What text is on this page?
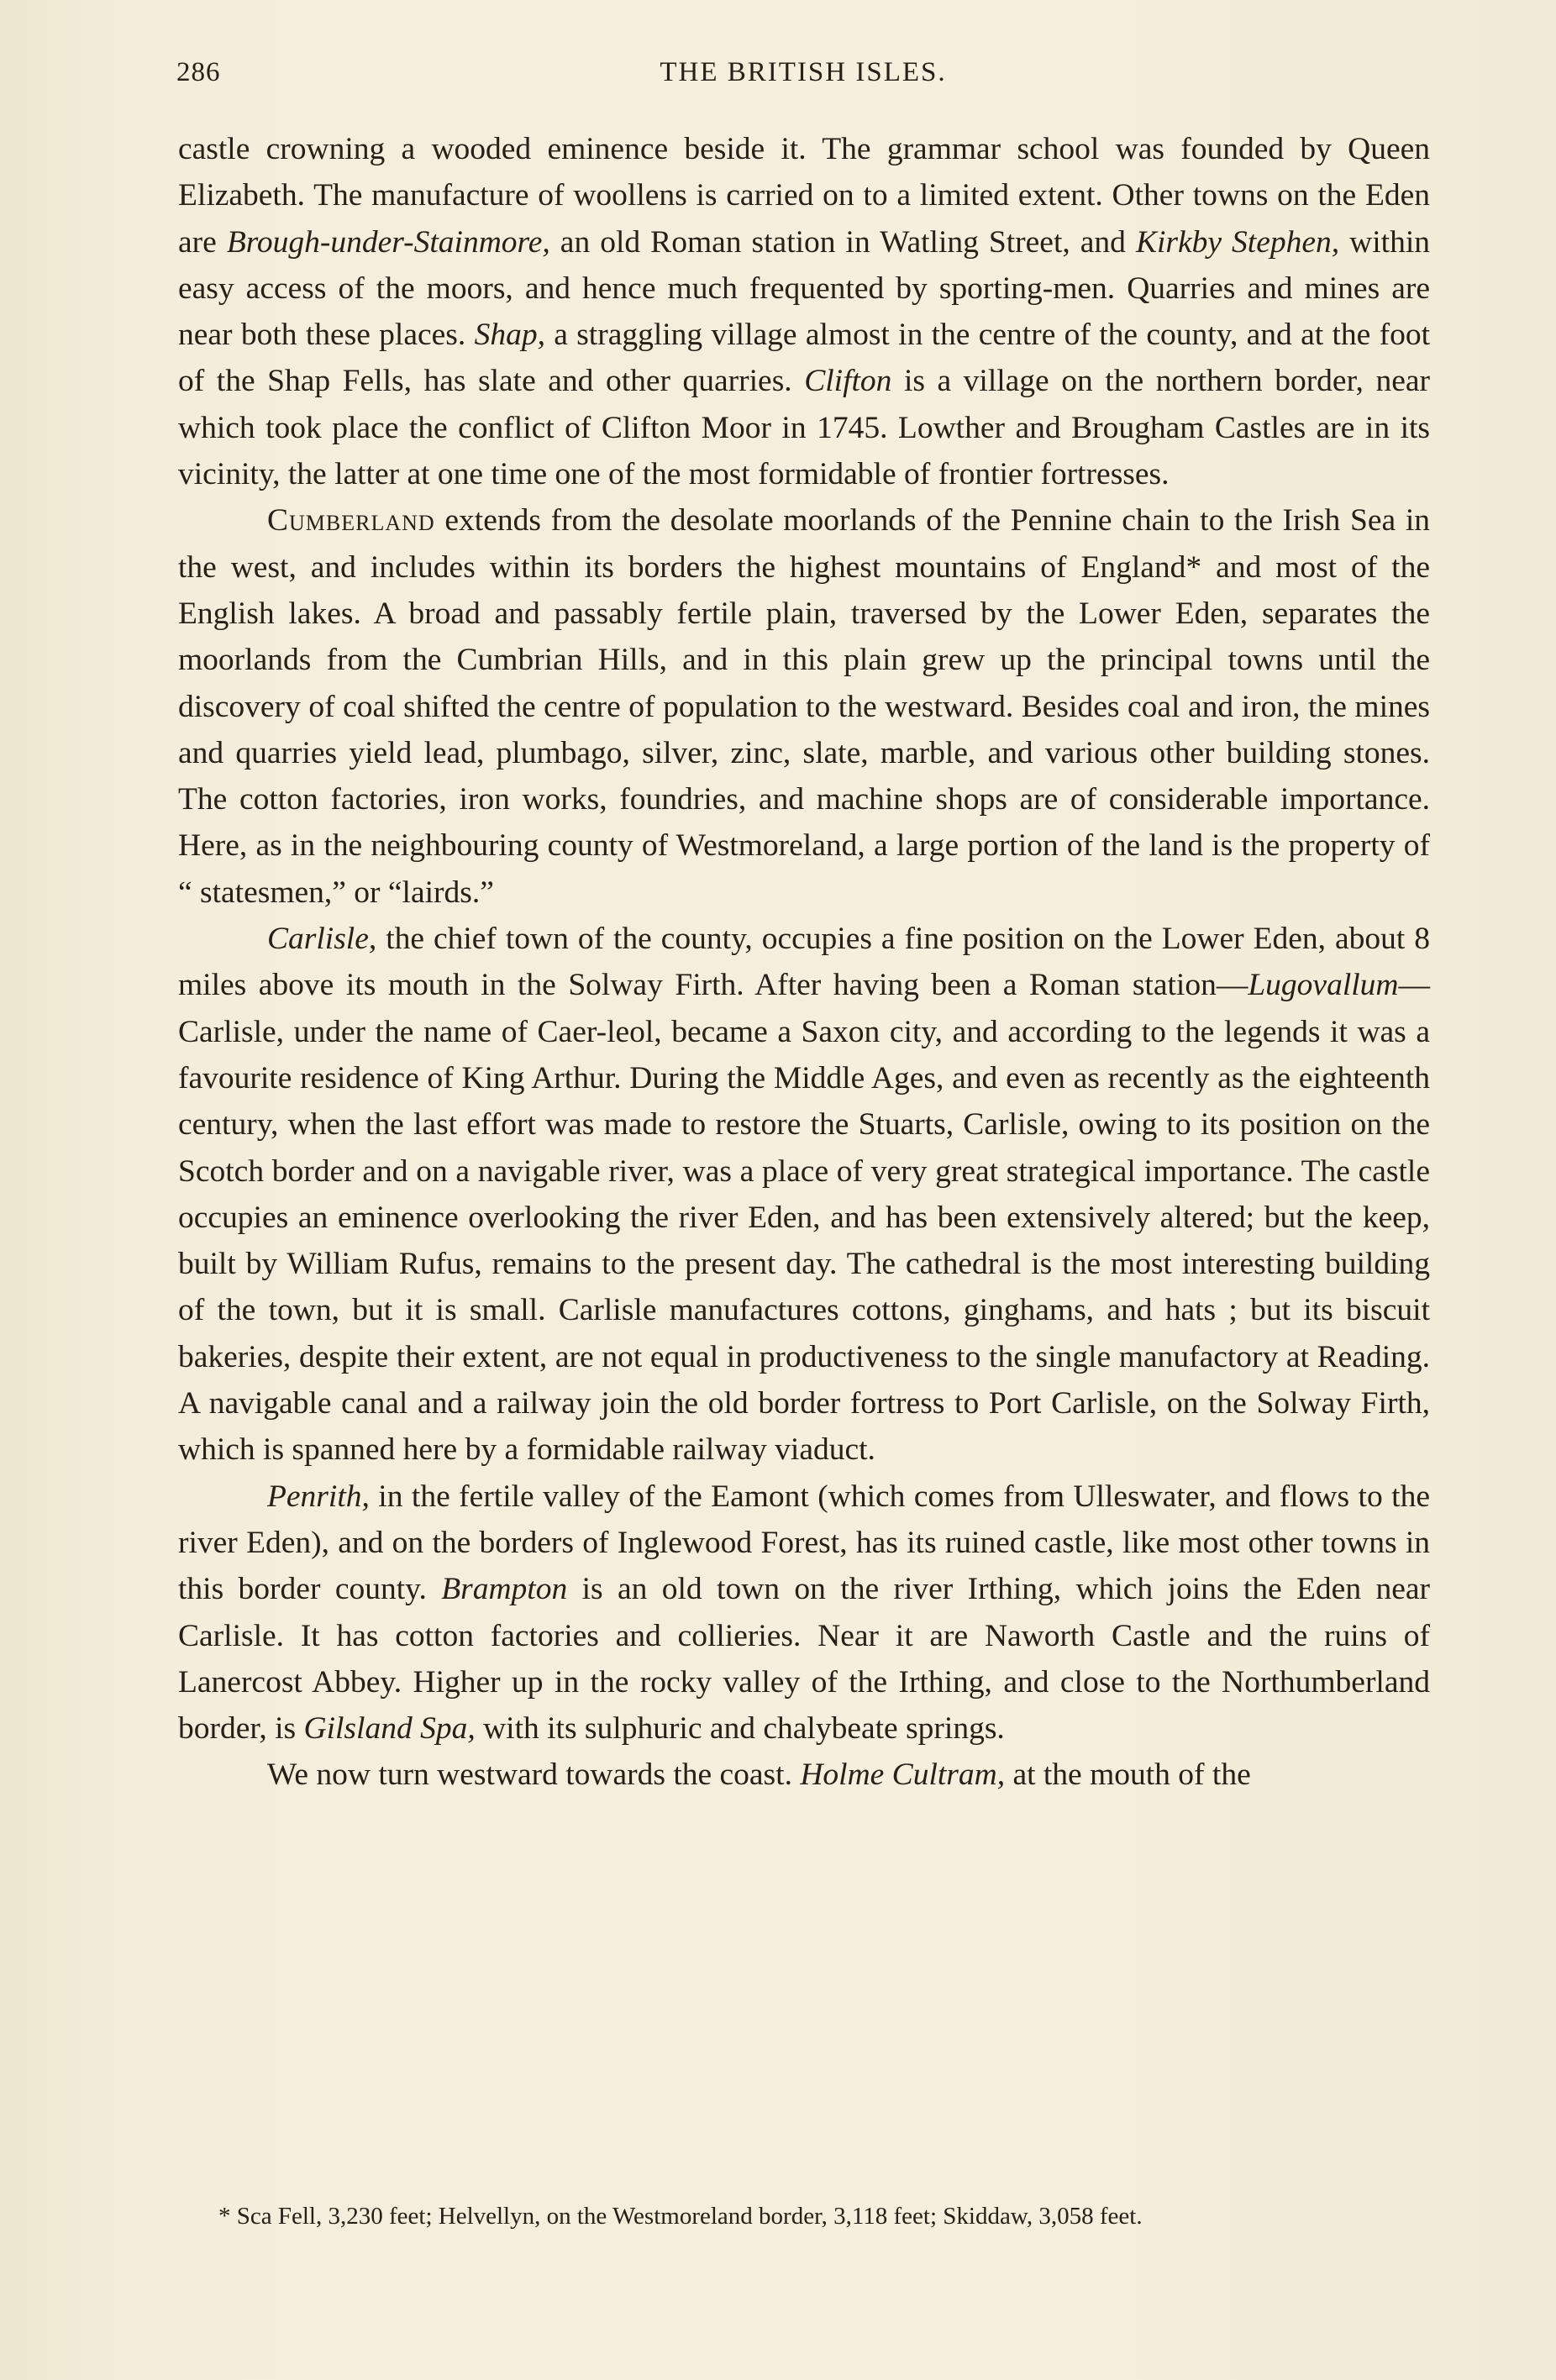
286	THE BRITISH ISLES.

castle crowning a wooded eminence beside it. The grammar school was founded by Queen Elizabeth. The manufacture of woollens is carried on to a limited extent. Other towns on the Eden are Brough-under-Stainmore, an old Roman station in Watling Street, and Kirkby Stephen, within easy access of the moors, and hence much frequented by sporting-men. Quarries and mines are near both these places. Shap, a straggling village almost in the centre of the county, and at the foot of the Shap Fells, has slate and other quarries. Clifton is a village on the northern border, near which took place the conflict of Clifton Moor in 1745. Lowther and Brougham Castles are in its vicinity, the latter at one time one of the most formidable of frontier fortresses.

Cumberland extends from the desolate moorlands of the Pennine chain to the Irish Sea in the west, and includes within its borders the highest mountains of England* and most of the English lakes. A broad and passably fertile plain, traversed by the Lower Eden, separates the moorlands from the Cumbrian Hills, and in this plain grew up the principal towns until the discovery of coal shifted the centre of population to the westward. Besides coal and iron, the mines and quarries yield lead, plumbago, silver, zinc, slate, marble, and various other building stones. The cotton factories, iron works, foundries, and machine shops are of considerable importance. Here, as in the neighbouring county of Westmoreland, a large portion of the land is the property of “ statesmen,” or “lairds.”

Carlisle, the chief town of the county, occupies a fine position on the Lower Eden, about 8 miles above its mouth in the Solway Firth. After having been a Roman station—Lugovallum—Carlisle, under the name of Caer-leol, became a Saxon city, and according to the legends it was a favourite residence of King Arthur. During the Middle Ages, and even as recently as the eighteenth century, when the last effort was made to restore the Stuarts, Carlisle, owing to its position on the Scotch border and on a navigable river, was a place of very great strategical importance. The castle occupies an eminence overlooking the river Eden, and has been extensively altered; but the keep, built by William Rufus, remains to the present day. The cathedral is the most interesting building of the town, but it is small. Carlisle manufactures cottons, ginghams, and hats ; but its biscuit bakeries, despite their extent, are not equal in productiveness to the single manufactory at Reading. A navigable canal and a railway join the old border fortress to Port Carlisle, on the Solway Firth, which is spanned here by a formidable railway viaduct.

Penrith, in the fertile valley of the Eamont (which comes from Ulleswater, and flows to the river Eden), and on the borders of Inglewood Forest, has its ruined castle, like most other towns in this border county. Brampton is an old town on the river Irthing, which joins the Eden near Carlisle. It has cotton factories and collieries. Near it are Naworth Castle and the ruins of Lanercost Abbey. Higher up in the rocky valley of the Irthing, and close to the Northumberland border, is Gilsland Spa, with its sulphuric and chalybeate springs.

We now turn westward towards the coast. Holme Cultram, at the mouth of the

* Sca Fell, 3,230 feet; Helvellyn, on the Westmoreland border, 3,118 feet; Skiddaw, 3,058 feet.
